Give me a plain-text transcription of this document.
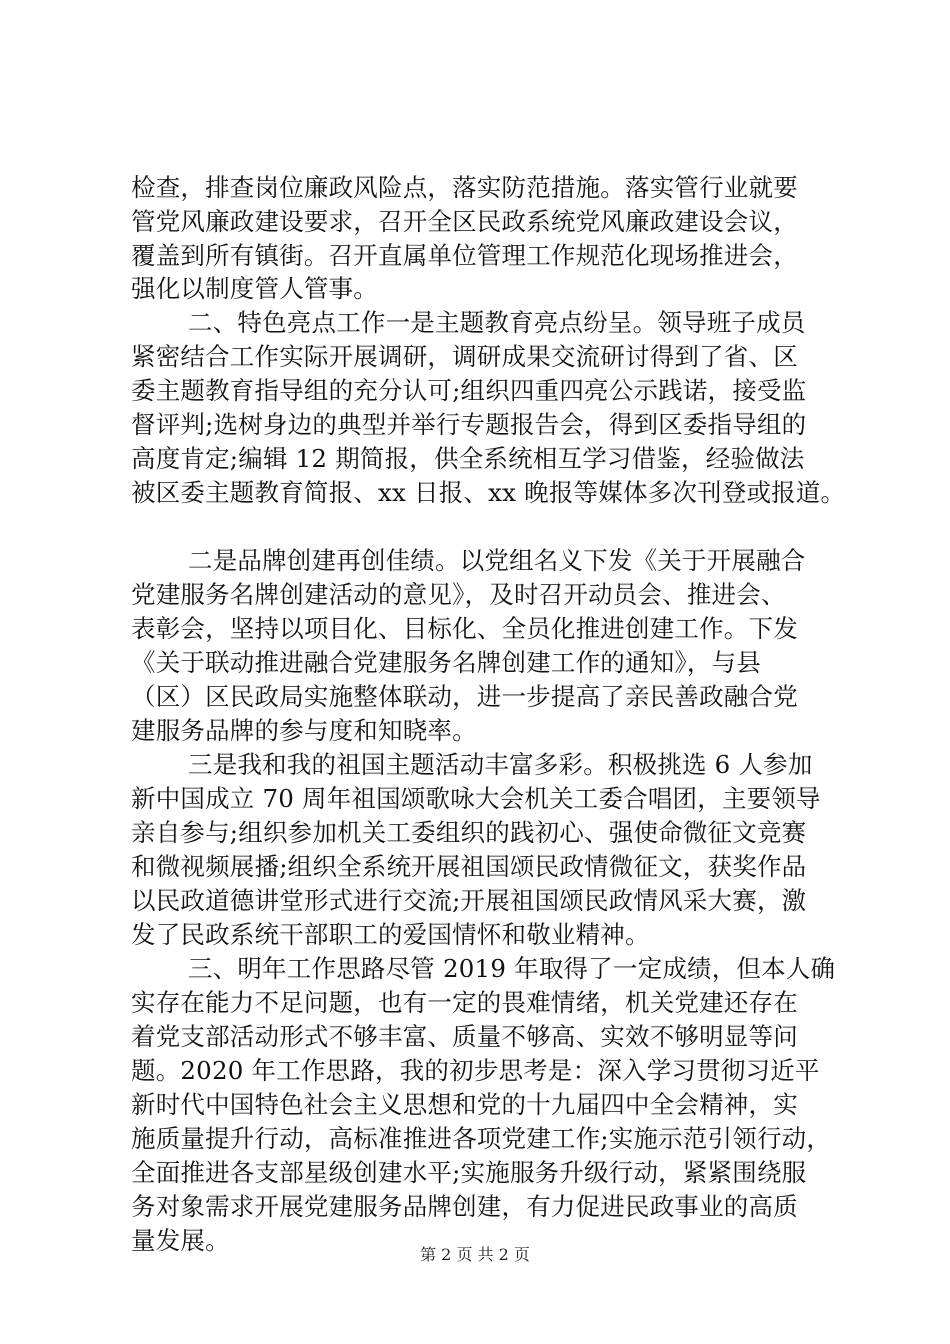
检查，排查岗位廉政风险点，落实防范措施。落实管行业就要
管党风廉政建设要求，召开全区民政系统党风廉政建设会议，
覆盖到所有镇街。召开直属单位管理工作规范化现场推进会，
强化以制度管人管事。
二、特色亮点工作一是主题教育亮点纷呈。领导班子成员
紧密结合工作实际开展调研，调研成果交流研讨得到了省、区
委主题教育指导组的充分认可;组织四重四亮公示践诺，接受监
督评判;选树身边的典型并举行专题报告会，得到区委指导组的
高度肯定;编辑 12 期简报，供全系统相互学习借鉴，经验做法
被区委主题教育简报、xx 日报、xx 晚报等媒体多次刊登或报道。
二是品牌创建再创佳绩。以党组名义下发《关于开展融合
党建服务名牌创建活动的意见》，及时召开动员会、推进会、
表彰会，坚持以项目化、目标化、全员化推进创建工作。下发
《关于联动推进融合党建服务名牌创建工作的通知》，与县
（区）区民政局实施整体联动，进一步提高了亲民善政融合党
建服务品牌的参与度和知晓率。
三是我和我的祖国主题活动丰富多彩。积极挑选 6 人参加
新中国成立 70 周年祖国颂歌咏大会机关工委合唱团，主要领导
亲自参与;组织参加机关工委组织的践初心、强使命微征文竞赛
和微视频展播;组织全系统开展祖国颂民政情微征文，获奖作品
以民政道德讲堂形式进行交流;开展祖国颂民政情风采大赛，激
发了民政系统干部职工的爱国情怀和敬业精神。
三、明年工作思路尽管 2019 年取得了一定成绩，但本人确
实存在能力不足问题，也有一定的畏难情绪，机关党建还存在
着党支部活动形式不够丰富、质量不够高、实效不够明显等问
题。2020 年工作思路，我的初步思考是：深入学习贯彻习近平
新时代中国特色社会主义思想和党的十九届四中全会精神，实
施质量提升行动，高标准推进各项党建工作;实施示范引领行动，
全面推进各支部星级创建水平;实施服务升级行动，紧紧围绕服
务对象需求开展党建服务品牌创建，有力促进民政事业的高质
量发展。	第 2 页 共 2 页
